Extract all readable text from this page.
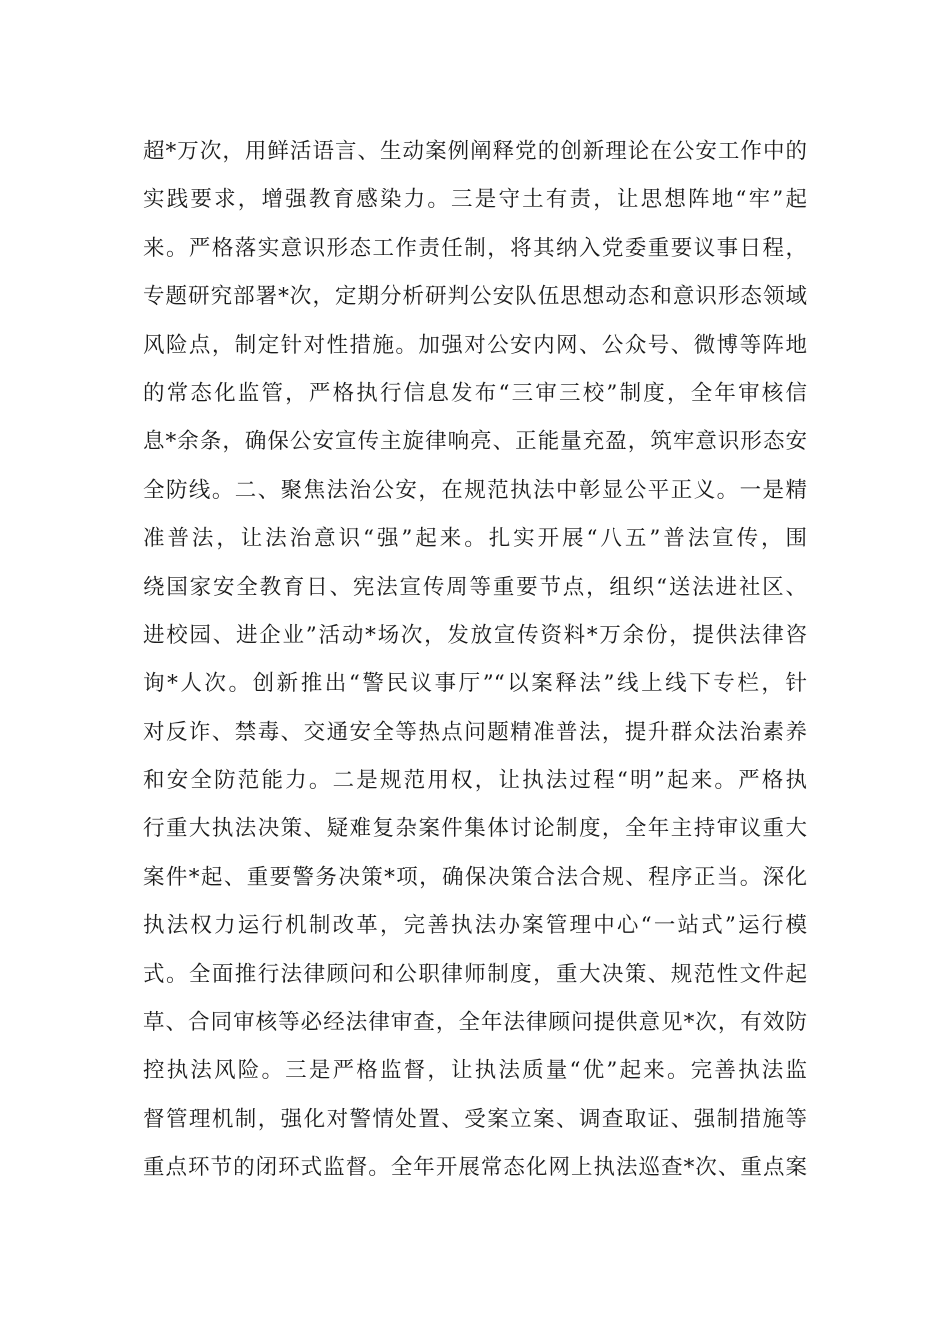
超*万次，用鲜活语言、生动案例阐释党的创新理论在公安工作中的
实践要求，增强教育感染力。三是守土有责，让思想阵地“牢”起
来。严格落实意识形态工作责任制，将其纳入党委重要议事日程，
专题研究部署*次，定期分析研判公安队伍思想动态和意识形态领域
风险点，制定针对性措施。加强对公安内网、公众号、微博等阵地
的常态化监管，严格执行信息发布“三审三校”制度，全年审核信
息*余条，确保公安宣传主旋律响亮、正能量充盈，筑牢意识形态安
全防线。二、聚焦法治公安，在规范执法中彰显公平正义。一是精
准普法，让法治意识“强”起来。扎实开展“八五”普法宣传，围
绕国家安全教育日、宪法宣传周等重要节点，组织“送法进社区、
进校园、进企业”活动*场次，发放宣传资料*万余份，提供法律咨
询*人次。创新推出“警民议事厅”“以案释法”线上线下专栏，针
对反诈、禁毒、交通安全等热点问题精准普法，提升群众法治素养
和安全防范能力。二是规范用权，让执法过程“明”起来。严格执
行重大执法决策、疑难复杂案件集体讨论制度，全年主持审议重大
案件*起、重要警务决策*项，确保决策合法合规、程序正当。深化
执法权力运行机制改革，完善执法办案管理中心“一站式”运行模
式。全面推行法律顾问和公职律师制度，重大决策、规范性文件起
草、合同审核等必经法律审查，全年法律顾问提供意见*次，有效防
控执法风险。三是严格监督，让执法质量“优”起来。完善执法监
督管理机制，强化对警情处置、受案立案、调查取证、强制措施等
重点环节的闭环式监督。全年开展常态化网上执法巡查*次、重点案
